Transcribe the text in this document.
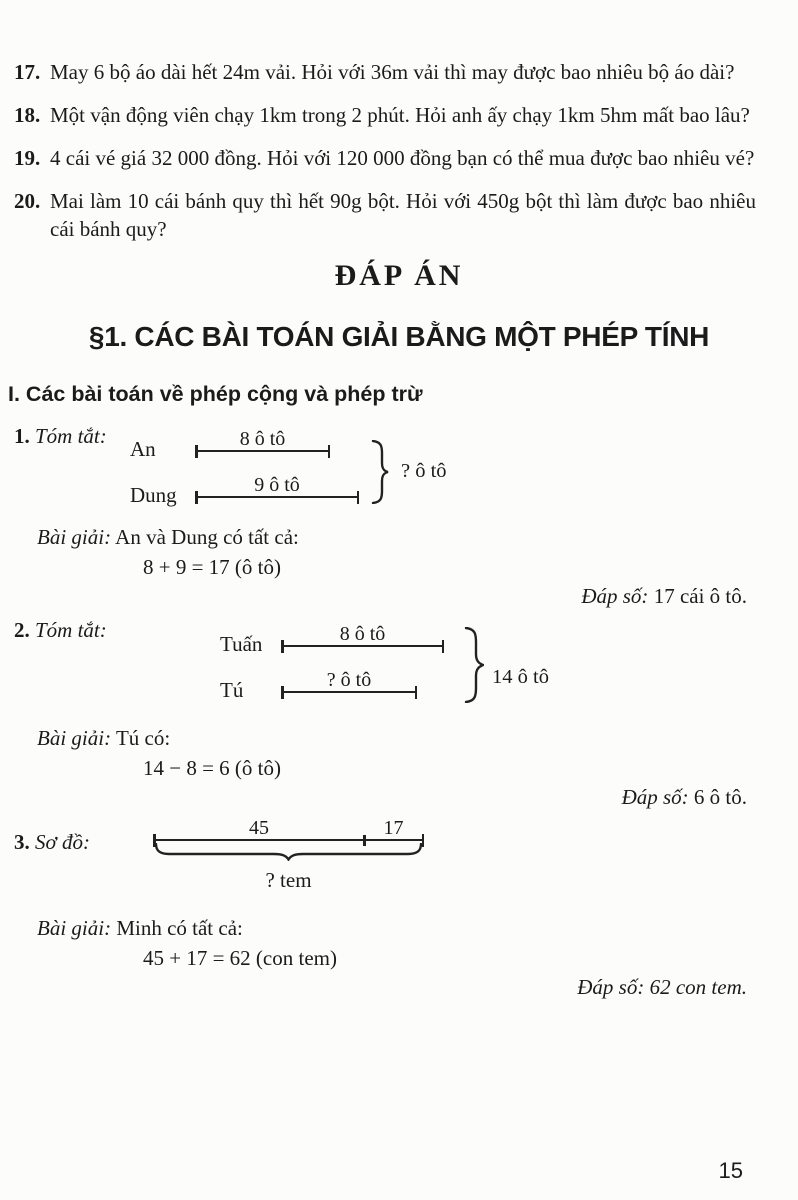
17. May 6 bộ áo dài hết 24m vải. Hỏi với 36m vải thì may được bao nhiêu bộ áo dài?
18. Một vận động viên chạy 1km trong 2 phút. Hỏi anh ấy chạy 1km 5hm mất bao lâu?
19. 4 cái vé giá 32 000 đồng. Hỏi với 120 000 đồng bạn có thể mua được bao nhiêu vé?
20. Mai làm 10 cái bánh quy thì hết 90g bột. Hỏi với 450g bột thì làm được bao nhiêu cái bánh quy?
ĐÁP ÁN
§1. CÁC BÀI TOÁN GIẢI BẰNG MỘT PHÉP TÍNH
I. Các bài toán về phép cộng và phép trừ
1. Tóm tắt:
An	8 ô tô
Dung	9 ô tô
? ô tô

Bài giải: An và Dung có tất cả:

8 + 9 = 17 (ô tô)

Đáp số: 17 cái ô tô.

2. Tóm tắt:
Tuấn	8 ô tô
Tú	? ô tô	14 ô tô

Bài giải: Tú có:

14 − 8 = 6 (ô tô)

Đáp số: 6 ô tô.

3. Sơ đồ:
45	17
? tem

Bài giải: Minh có tất cả:

45 + 17 = 62 (con tem)

Đáp số: 62 con tem.

15
